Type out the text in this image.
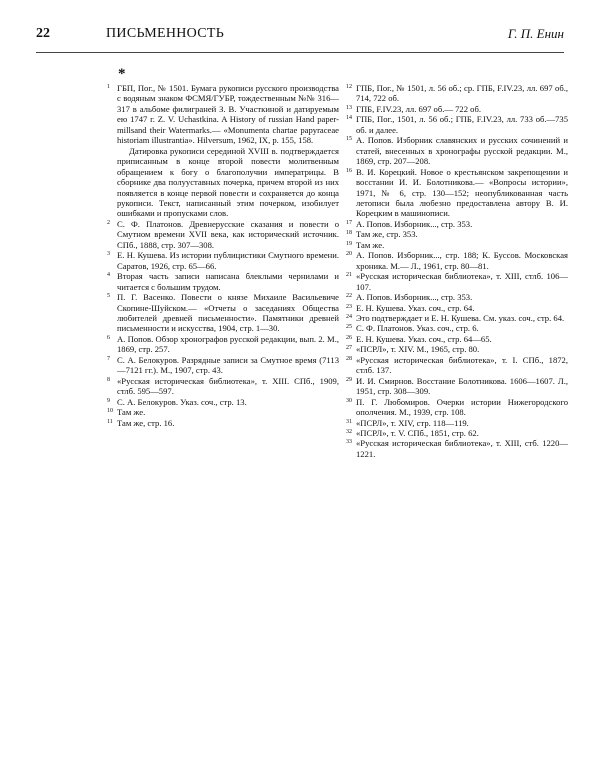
22	ПИСЬМЕННОСТЬ	Г. П. Енин
*

1 ГБП, Пог., № 1501. Бумага рукописи русского производства с водяным знаком ФСМЯ/ГУБР, тождественным №№ 316—317 в альбоме филиграней З. В. Участкиной и датируемым ею 1747 г. Z. V. Uchastkina. A History of russian Hand paper-millsand their Watermarks.— «Monumenta chartae papyraceae historiam illustrantia». Hilversum, 1962, IX, p. 155, 158.

Датировка рукописи серединой XVIII в. подтверждается приписанным в конце второй повести молитвенным обращением к богу о благополучии императрицы. В сборнике два полууставных почерка, причем второй из них появляется в конце первой повести и сохраняется до конца рукописи. Текст, написанный этим почерком, изобилует ошибками и пропусками слов.

2 С. Ф. Платонов. Древнерусские сказания и повести о Смутном времени XVII века, как исторический источник. СПб., 1888, стр. 307—308.

3 Е. Н. Кушева. Из истории публицистики Смутного времени. Саратов, 1926, стр. 65—66.

4 Вторая часть записи написана блеклыми чернилами и читается с большим трудом.

5 П. Г. Васенко. Повести о князе Михаиле Васильевиче Скопине-Шуйском.— «Отчеты о заседаниях Общества любителей древней письменности». Памятники древней письменности и искусства, 1904, стр. 1—30.

6 А. Попов. Обзор хронографов русской редакции, вып. 2. М., 1869, стр. 257.

7 С. А. Белокуров. Разрядные записи за Смутное время (7113—7121 гг.). М., 1907, стр. 43.

8 «Русская историческая библиотека», т. XIII. СПб., 1909, стлб. 595—597.

9 С. А. Белокуров. Указ. соч., стр. 13.

10 Там же.

11 Там же, стр. 16.

12 ГПБ, Пог., № 1501, л. 56 об.; ср. ГПБ, F.IV.23, лл. 697 об., 714, 722 об.

13 ГПБ, F.IV.23, лл. 697 об.— 722 об.

14 ГПБ, Пог., 1501, л. 56 об.; ГПБ, F.IV.23, лл. 733 об.—735 об. и далее.

15 А. Попов. Изборник славянских и русских сочинений и статей, внесенных в хронографы русской редакции. М., 1869, стр. 207—208.

16 В. И. Корецкий. Новое о крестьянском закрепощении и восстании И. И. Болотникова.— «Вопросы истории», 1971, № 6, стр. 130—152; неопубликованная часть летописи была любезно предоставлена автору В. И. Корецким в машинописи.

17 А. Попов. Изборник..., стр. 353.

18 Там же, стр. 353.

19 Там же.

20 А. Попов. Изборник..., стр. 188; К. Буссов. Московская хроника. М.— Л., 1961, стр. 80—81.

21 «Русская историческая библиотека», т. XIII, стлб. 106—107.

22 А. Попов. Изборник..., стр. 353.

23 Е. Н. Кушева. Указ. соч., стр. 64.

24 Это подтверждает и Е. Н. Кушева. См. указ. соч., стр. 64.

25 С. Ф. Платонов. Указ. соч., стр. 6.

26 Е. Н. Кушева. Указ. соч., стр. 64—65.

27 «ПСРЛ», т. XIV. М., 1965, стр. 80.

28 «Русская историческая библиотека», т. I. СПб., 1872, стлб. 137.

29 И. И. Смирнов. Восстание Болотникова. 1606—1607. Л., 1951, стр. 308—309.

30 П. Г. Любомиров. Очерки истории Нижегородского ополчения. М., 1939, стр. 108.

31 «ПСРЛ», т. XIV, стр. 118—119.

32 «ПСРЛ», т. V. СПб., 1851, стр. 62.

33 «Русская историческая библиотека», т. XIII, стб. 1220—1221.
